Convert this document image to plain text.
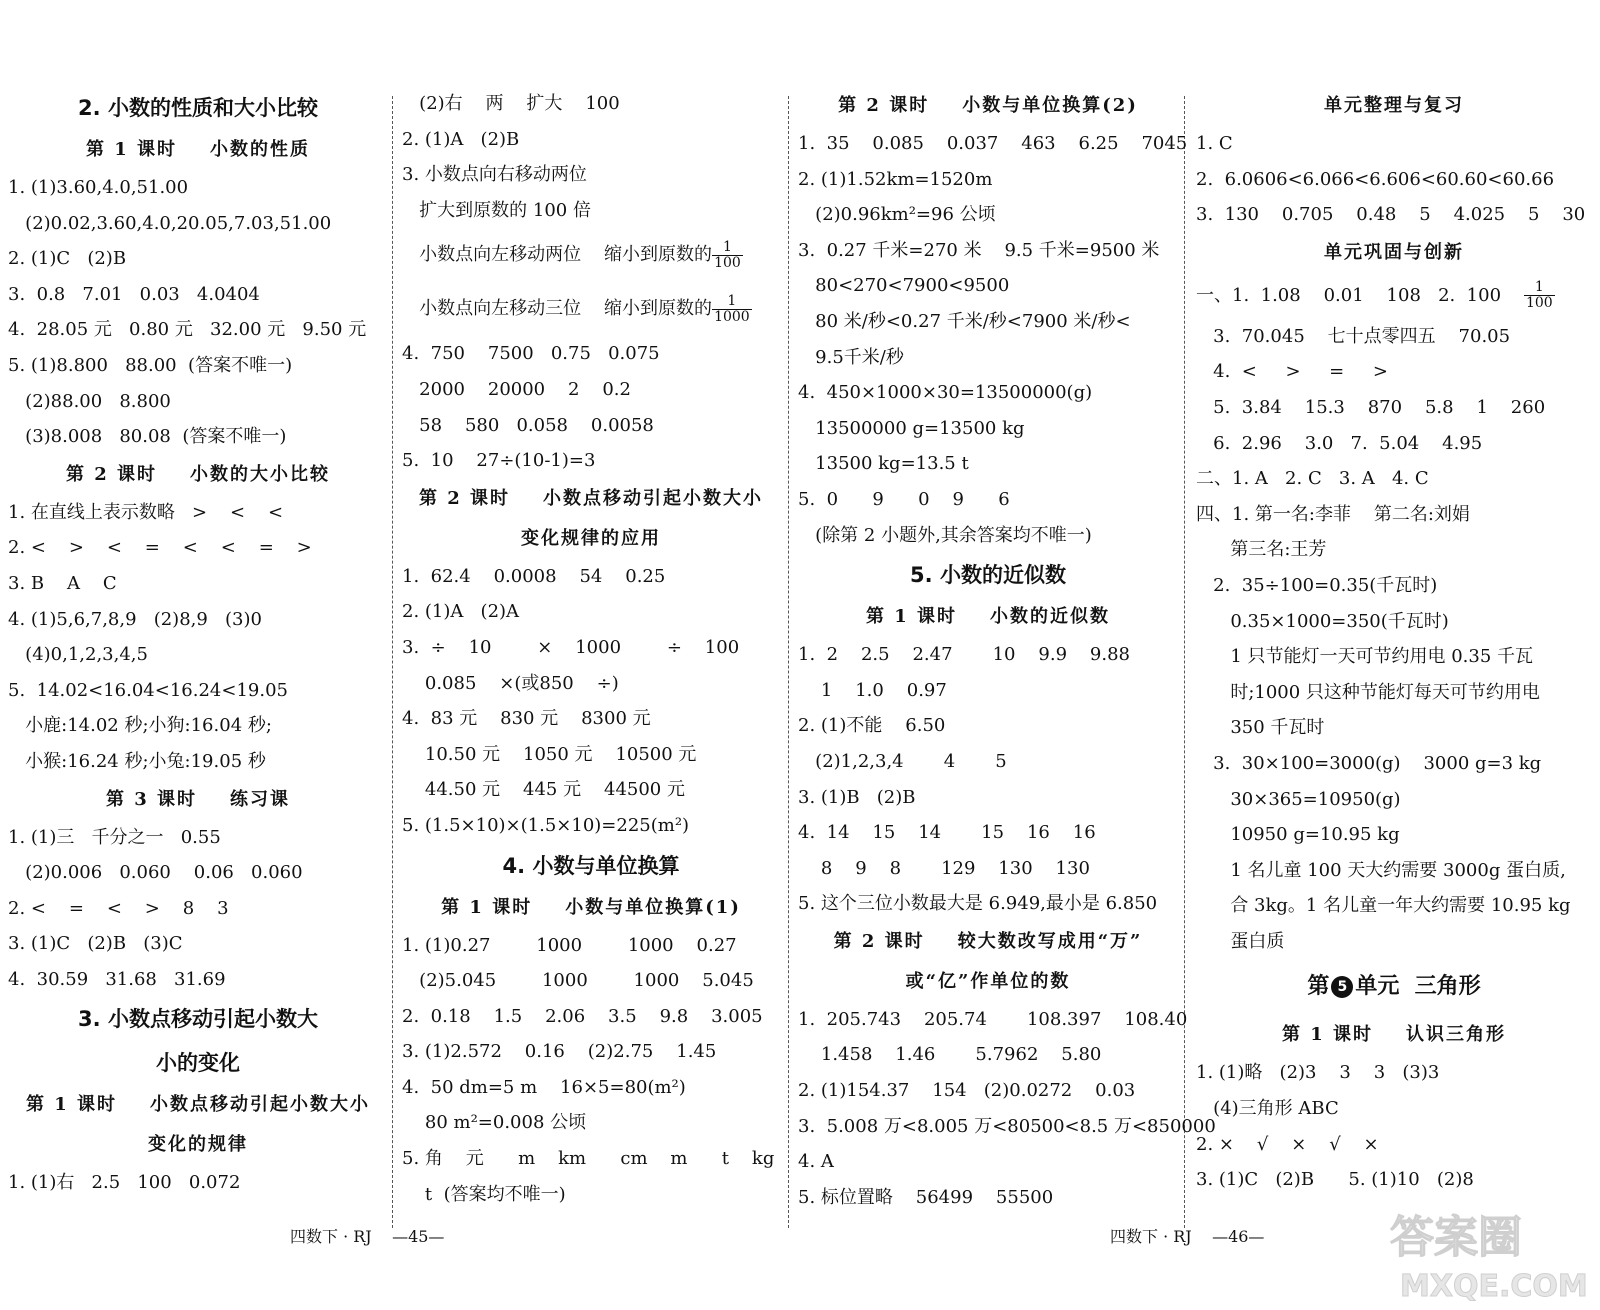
2. 小数的性质和大小比较
第 1 课时    小数的性质
1. (1)3.60,4.0,51.00
(2)0.02,3.60,4.0,20.05,7.03,51.00
2. (1)C   (2)B
3.  0.8   7.01   0.03   4.0404
4.  28.05 元   0.80 元   32.00 元   9.50 元
5. (1)8.800   88.00  (答案不唯一)
(2)88.00   8.800
(3)8.008   80.08  (答案不唯一)
第 2 课时    小数的大小比较
1. 在直线上表示数略   >    <    <
2. <    >    <    =    <    <    =    >
3. B    A    C
4. (1)5,6,7,8,9   (2)8,9   (3)0
(4)0,1,2,3,4,5
5.  14.02<16.04<16.24<19.05
小鹿:14.02 秒;小狗:16.04 秒;
小猴:16.24 秒;小兔:19.05 秒
第 3 课时    练习课
1. (1)三   千分之一   0.55
(2)0.006   0.060    0.06   0.060
2. <    =    <    >    8    3
3. (1)C   (2)B   (3)C
4.  30.59   31.68   31.69
3. 小数点移动引起小数大
小的变化
第 1 课时    小数点移动引起小数大小
变化的规律
1. (1)右   2.5   100   0.072
(2)右    两    扩大    100
2. (1)A   (2)B
3. 小数点向右移动两位
扩大到原数的 100 倍
小数点向左移动两位    缩小到原数的 $\frac{1}{100}$
小数点向左移动三位    缩小到原数的 $\frac{1}{1000}$
4.  750    7500   0.75   0.075
2000    20000    2    0.2
58    580   0.058    0.0058
5.  10    27÷(10-1)=3
第 2 课时    小数点移动引起小数大小
变化规律的应用
1.  62.4    0.0008    54    0.25
2. (1)A   (2)A
3.  ÷    10        ×    1000        ÷    100
0.085    ×(或850    ÷)
4.  83 元    830 元    8300 元
10.50 元    1050 元    10500 元
44.50 元    445 元    44500 元
5. (1.5×10)×(1.5×10)=225(m²)
4. 小数与单位换算
第 1 课时    小数与单位换算(1)
1. (1)0.27        1000        1000    0.27
(2)5.045        1000        1000    5.045
2.  0.18    1.5    2.06    3.5    9.8    3.005
3. (1)2.572    0.16    (2)2.75    1.45
4.  50 dm=5 m    16×5=80(m²)
80 m²=0.008 公顷
5. 角    元      m    km      cm    m      t    kg
t  (答案均不唯一)
第 2 课时    小数与单位换算(2)
1.  35    0.085    0.037    463    6.25    7045
2. (1)1.52km=1520m
(2)0.96km²=96 公顷
3.  0.27 千米=270 米    9.5 千米=9500 米
80<270<7900<9500
80 米/秒<0.27 千米/秒<7900 米/秒<
9.5千米/秒
4.  450×1000×30=13500000(g)
13500000 g=13500 kg
13500 kg=13.5 t
5.  0      9      0    9      6
(除第 2 小题外,其余答案均不唯一)
5. 小数的近似数
第 1 课时    小数的近似数
1.  2    2.5    2.47       10    9.9    9.88
1    1.0    0.97
2. (1)不能    6.50
(2)1,2,3,4       4       5
3. (1)B   (2)B
4.  14    15    14       15    16    16
8    9    8       129    130    130
5. 这个三位小数最大是 6.949,最小是 6.850
第 2 课时    较大数改写成用“万”
或“亿”作单位的数
1.  205.743    205.74       108.397    108.40
1.458    1.46       5.7962    5.80
2. (1)154.37    154   (2)0.0272    0.03
3.  5.008 万<8.005 万<80500<8.5 万<850000
4. A
5. 标位置略    56499    55500
单元整理与复习
1. C
2.  6.0606<6.066<6.606<60.60<60.66
3.  130    0.705    0.48    5    4.025    5    30
单元巩固与创新
一、1.  1.08    0.01    108   2.  $100 \frac{1}{100}$
3.  70.045    七十点零四五    70.05
4.  <     >     =     >
5.  3.84    15.3    870    5.8    1    260
6.  2.96    3.0   7.  5.04    4.95
二、1. A   2. C   3. A   4. C
四、1. 第一名:李菲    第二名:刘娟
第三名:王芳
2.  35÷100=0.35(千瓦时)
0.35×1000=350(千瓦时)
1 只节能灯一天可节约用电 0.35 千瓦
时;1000 只这种节能灯每天可节约用电
350 千瓦时
3.  30×100=3000(g)    3000 g=3 kg
30×365=10950(g)
10950 g=10.95 kg
1 名儿童 100 天大约需要 3000g 蛋白质,
合 3kg。1 名儿童一年大约需要 10.95 kg
蛋白质
第 5 单元  三角形
第 1 课时    认识三角形
1. (1)略   (2)3    3    3   (3)3
(4)三角形 ABC
2. ×    √    ×    √    ×
3. (1)C   (2)B      5. (1)10   (2)8
四数下 · RJ    —45—	四数下 · RJ    —46—	答案圈
MXQE.COM
